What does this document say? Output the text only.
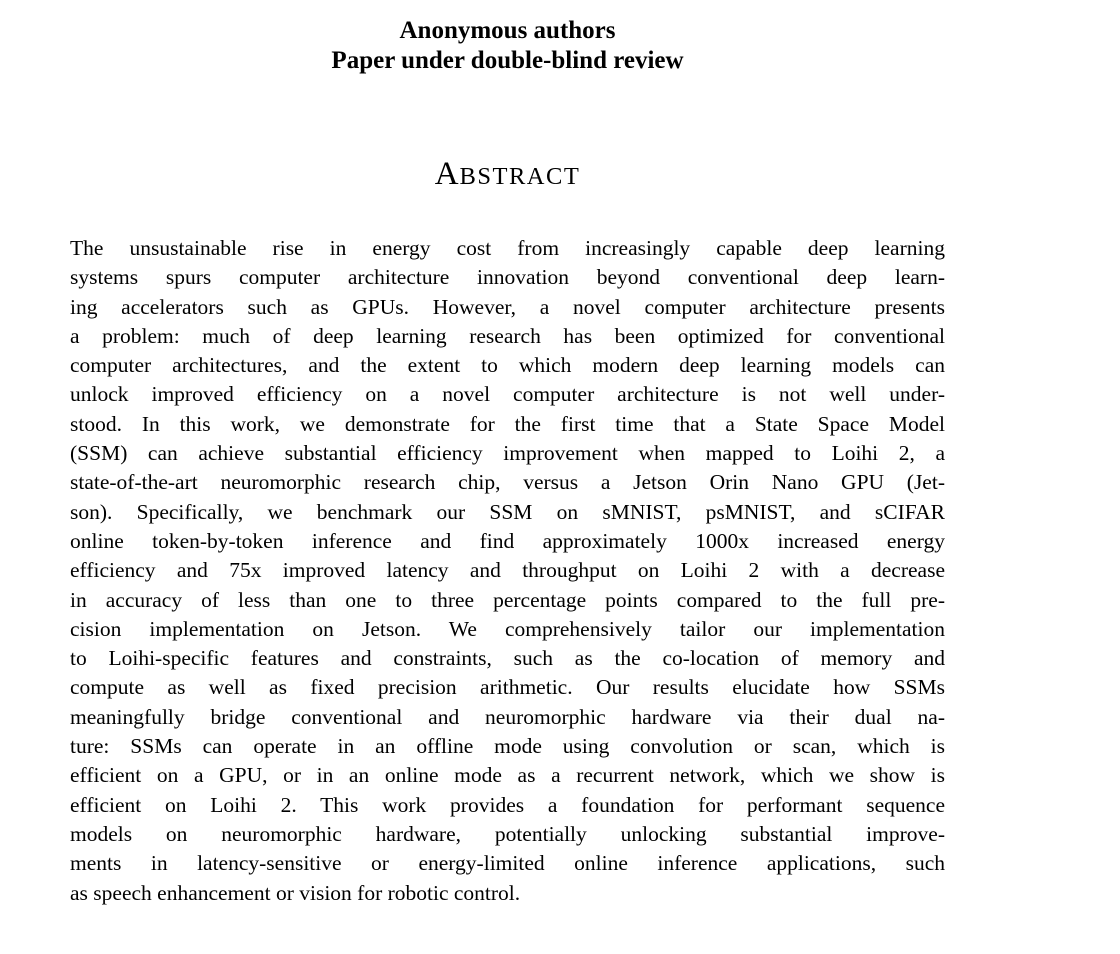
Anonymous authors
Paper under double-blind review
ABSTRACT
The unsustainable rise in energy cost from increasingly capable deep learning
systems spurs computer architecture innovation beyond conventional deep learn-
ing accelerators such as GPUs. However, a novel computer architecture presents
a problem: much of deep learning research has been optimized for conventional
computer architectures, and the extent to which modern deep learning models can
unlock improved efficiency on a novel computer architecture is not well under-
stood. In this work, we demonstrate for the first time that a State Space Model
(SSM) can achieve substantial efficiency improvement when mapped to Loihi 2, a
state-of-the-art neuromorphic research chip, versus a Jetson Orin Nano GPU (Jet-
son). Specifically, we benchmark our SSM on sMNIST, psMNIST, and sCIFAR
online token-by-token inference and find approximately 1000x increased energy
efficiency and 75x improved latency and throughput on Loihi 2 with a decrease
in accuracy of less than one to three percentage points compared to the full pre-
cision implementation on Jetson. We comprehensively tailor our implementation
to Loihi-specific features and constraints, such as the co-location of memory and
compute as well as fixed precision arithmetic. Our results elucidate how SSMs
meaningfully bridge conventional and neuromorphic hardware via their dual na-
ture: SSMs can operate in an offline mode using convolution or scan, which is
efficient on a GPU, or in an online mode as a recurrent network, which we show is
efficient on Loihi 2. This work provides a foundation for performant sequence
models on neuromorphic hardware, potentially unlocking substantial improve-
ments in latency-sensitive or energy-limited online inference applications, such
as speech enhancement or vision for robotic control.
